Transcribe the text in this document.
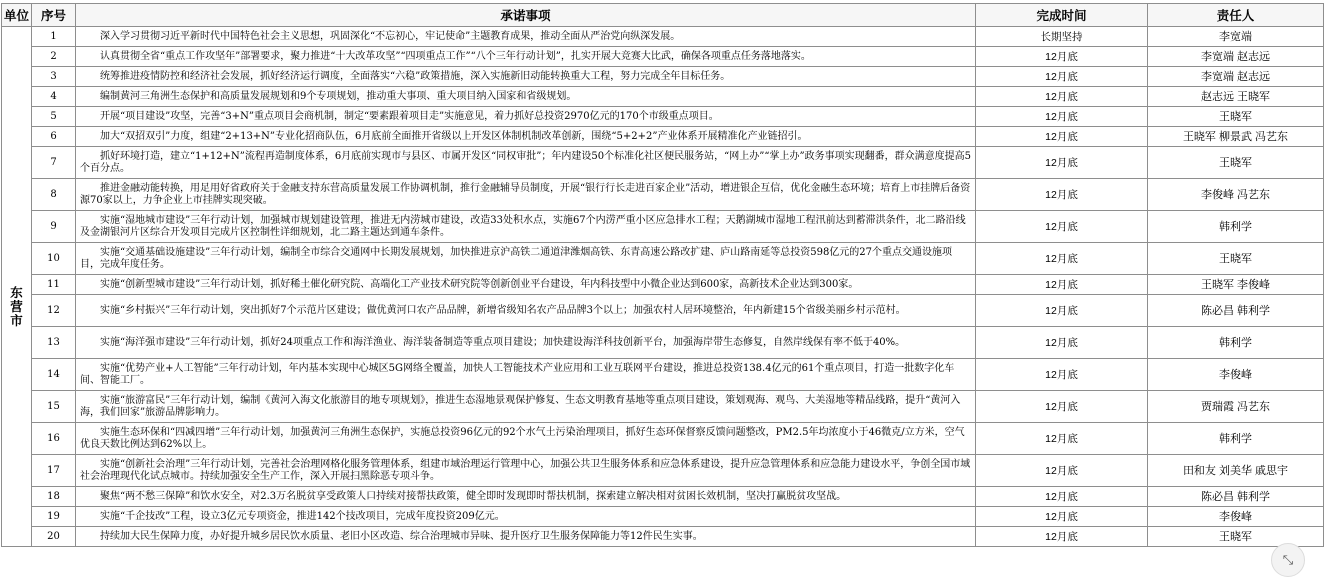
单位	序号	承诺事项	完成时间	责任人
东营市	1	深入学习贯彻习近平新时代中国特色社会主义思想，巩固深化“不忘初心，牢记使命”主题教育成果，推动全面从严治党向纵深发展。	长期坚持	李宽端
	2	认真贯彻全省“重点工作攻坚年”部署要求，聚力推进“十大改革攻坚”“四项重点工作”“八个三年行动计划”，扎实开展大竞赛大比武，确保各项重点任务落地落实。	12月底	李宽端 赵志远
	3	统筹推进疫情防控和经济社会发展，抓好经济运行调度，全面落实“六稳”政策措施，深入实施新旧动能转换重大工程，努力完成全年目标任务。	12月底	李宽端 赵志远
	4	编制黄河三角洲生态保护和高质量发展规划和9个专项规划，推动重大事项、重大项目纳入国家和省级规划。	12月底	赵志远 王晓军
	5	开展“项目建设”攻坚，完善“3+N”重点项目会商机制，制定“要素跟着项目走”实施意见，着力抓好总投资2970亿元的170个市级重点项目。	12月底	王晓军
	6	加大“双招双引”力度，组建“2+13+N”专业化招商队伍，6月底前全面推开省级以上开发区体制机制改革创新，围绕“5+2+2”产业体系开展精准化产业链招引。	12月底	王晓军 柳景武 冯艺东
	7	抓好环境打造，建立“1+12+N”流程再造制度体系，6月底前实现市与县区、市属开发区“同权审批”；年内建设50个标准化社区便民服务站，“网上办”“掌上办”政务事项实现翻番，群众满意度提高5个百分点。	12月底	王晓军
	8	推进金融动能转换，用足用好省政府关于金融支持东营高质量发展工作协调机制，推行金融辅导员制度，开展“银行行长走进百家企业”活动，增进银企互信，优化金融生态环境；培育上市挂牌后备资源70家以上，力争企业上市挂牌实现突破。	12月底	李俊峰 冯艺东
	9	实施“湿地城市建设”三年行动计划，加强城市规划建设管理，推进无内涝城市建设，改造33处积水点，实施67个内涝严重小区应急排水工程；天鹅湖城市湿地工程汛前达到蓄滞洪条件，北二路沿线及金湖银河片区综合开发项目完成片区控制性详细规划，北二路主题达到通车条件。	12月底	韩利学
	10	实施“交通基础设施建设”三年行动计划，编制全市综合交通网中长期发展规划，加快推进京沪高铁二通道津潍烟高铁、东青高速公路改扩建、庐山路南延等总投资598亿元的27个重点交通设施项目，完成年度任务。	12月底	王晓军
	11	实施“创新型城市建设”三年行动计划，抓好稀土催化研究院、高端化工产业技术研究院等创新创业平台建设，年内科技型中小微企业达到600家，高新技术企业达到300家。	12月底	王晓军 李俊峰
	12	实施“乡村振兴”三年行动计划，突出抓好7个示范片区建设；做优黄河口农产品品牌，新增省级知名农产品品牌3个以上；加强农村人居环境整治，年内新建15个省级美丽乡村示范村。	12月底	陈必昌 韩利学
	13	实施“海洋强市建设”三年行动计划，抓好24项重点工作和海洋渔业、海洋装备制造等重点项目建设；加快建设海洋科技创新平台，加强海岸带生态修复，自然岸线保有率不低于40%。	12月底	韩利学
	14	实施“优势产业+人工智能”三年行动计划，年内基本实现中心城区5G网络全覆盖，加快人工智能技术产业应用和工业互联网平台建设，推进总投资138.4亿元的61个重点项目，打造一批数字化车间、智能工厂。	12月底	李俊峰
	15	实施“旅游富民”三年行动计划，编制《黄河入海文化旅游目的地专项规划》，推进生态湿地景观保护修复、生态文明教育基地等重点项目建设，策划观海、观鸟、大美湿地等精品线路，提升“黄河入海，我们回家”旅游品牌影响力。	12月底	贾瑞霞 冯艺东
	16	实施生态环保和“四减四增”三年行动计划，加强黄河三角洲生态保护，实施总投资96亿元的92个水气土污染治理项目，抓好生态环保督察反馈问题整改，PM2.5年均浓度小于46微克/立方米，空气优良天数比例达到62%以上。	12月底	韩利学
	17	实施“创新社会治理”三年行动计划，完善社会治理网格化服务管理体系，组建市域治理运行管理中心，加强公共卫生服务体系和应急体系建设，提升应急管理体系和应急能力建设水平，争创全国市域社会治理现代化试点城市。持续加强安全生产工作，深入开展扫黑除恶专项斗争。	12月底	田和友 刘美华 戚思宇
	18	聚焦“两不愁三保障”和饮水安全，对2.3万名脱贫享受政策人口持续对接帮扶政策，健全即时发现即时帮扶机制，探索建立解决相对贫困长效机制，坚决打赢脱贫攻坚战。	12月底	陈必昌 韩利学
	19	实施“千企技改”工程，设立3亿元专项资金，推进142个技改项目，完成年度投资209亿元。	12月底	李俊峰
	20	持续加大民生保障力度，办好提升城乡居民饮水质量、老旧小区改造、综合治理城市异味、提升医疗卫生服务保障能力等12件民生实事。	12月底	王晓军
⤡
